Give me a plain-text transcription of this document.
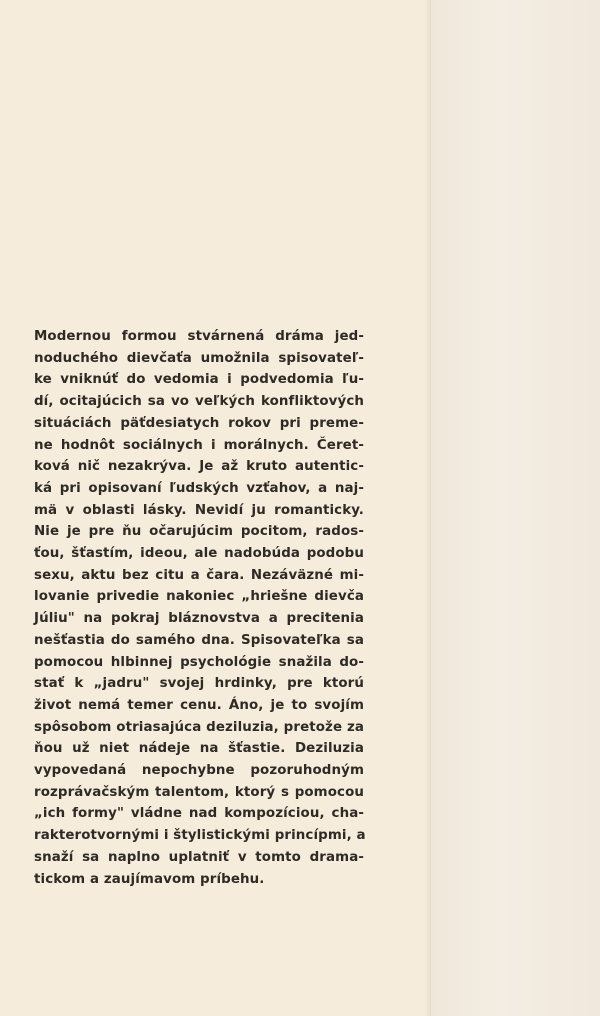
Modernou formou stvárnená dráma jed-
noduchého dievčaťa umožnila spisovateľ-
ke vniknúť do vedomia i podvedomia ľu-
dí, ocitajúcich sa vo veľkých konfliktových
situáciách päťdesiatych rokov pri preme-
ne hodnôt sociálnych i morálnych. Čeret-
ková nič nezakrýva. Je až kruto autentic-
ká pri opisovaní ľudských vzťahov, a naj-
mä v oblasti lásky. Nevidí ju romanticky.
Nie je pre ňu očarujúcim pocitom, rados-
ťou, šťastím, ideou, ale nadobúda podobu
sexu, aktu bez citu a čara. Nezáväzné mi-
lovanie privedie nakoniec „hriešne dievča
Júliu" na pokraj bláznovstva a precitenia
nešťastia do samého dna. Spisovateľka sa
pomocou hlbinnej psychológie snažila do-
stať k „jadru" svojej hrdinky, pre ktorú
život nemá temer cenu. Áno, je to svojím
spôsobom otriasajúca deziluzia, pretože za
ňou už niet nádeje na šťastie. Deziluzia
vypovedaná nepochybne pozoruhodným
rozprávačským talentom, ktorý s pomocou
„ich formy" vládne nad kompozíciou, cha-
rakterotvornými i štylistickými princípmi, a
snaží sa naplno uplatniť v tomto drama-
tickom a zaujímavom príbehu.
